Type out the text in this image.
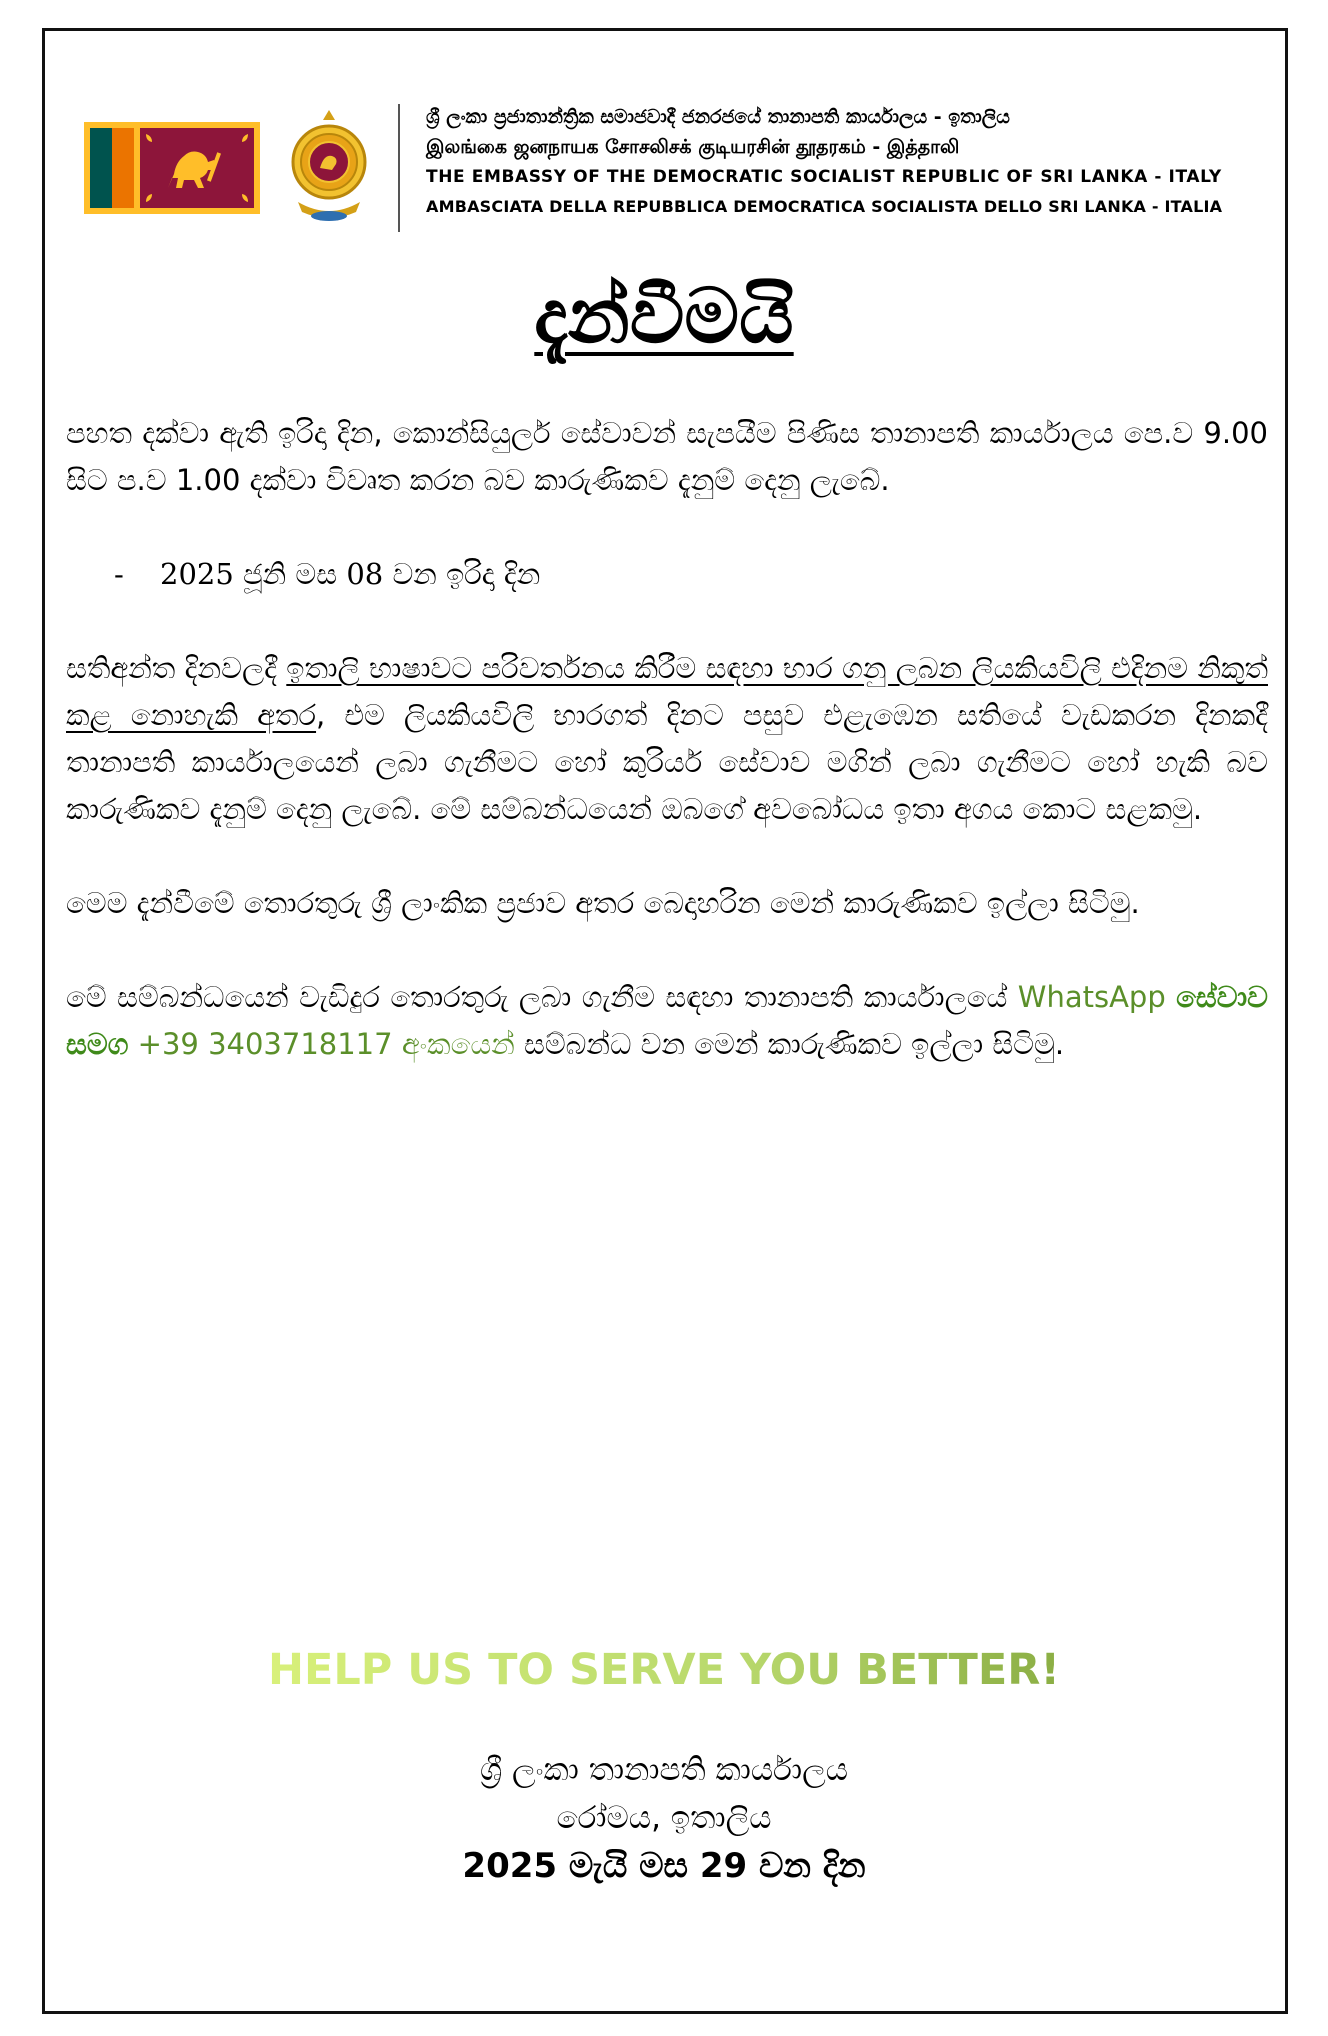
ශ්‍රී ලංකා ප්‍රජාතාන්ත්‍රික සමාජවාදී ජනරජයේ තානාපති කාර්යාලය - ඉතාලිය
இலங்கை ஜனநாயக சோசலிசக் குடியரசின் தூதரகம் - இத்தாலி
THE EMBASSY OF THE DEMOCRATIC SOCIALIST REPUBLIC OF SRI LANKA - ITALY
AMBASCIATA DELLA REPUBBLICA DEMOCRATICA SOCIALISTA DELLO SRI LANKA - ITALIA
දැන්වීමයි

පහත දක්වා ඇති ඉරිදා දින, කොන්සියුලර් සේවාවන් සැපයීම පිණිස තානාපති කාර්යාලය පෙ.ව 9.00 සිට ප.ව 1.00 දක්වා විවෘත කරන බව කාරුණිකව දැනුම් දෙනු ලැබේ.

-	2025 ජූනි මස 08 වන ඉරිදා දින

සතිඅන්ත දිනවලදී ඉතාලි භාෂාවට පරිවර්තනය කිරීම සඳහා භාර ගනු ලබන ලියකියවිලි එදිනම නිකුත් කළ නොහැකි අතර, එම ලියකියවිලි භාරගත් දිනට පසුව එළැඹෙන සතියේ වැඩකරන දිනකදී තානාපති කාර්යාලයෙන් ලබා ගැනීමට හෝ කුරියර් සේවාව මගින් ලබා ගැනීමට හෝ හැකි බව කාරුණිකව දැනුම් දෙනු ලැබේ. මේ සම්බන්ධයෙන් ඔබගේ අවබෝධය ඉතා අගය කොට සළකමු.

මෙම දැන්වීමේ තොරතුරු ශ්‍රී ලාංකික ප්‍රජාව අතර බෙදාහරින මෙන් කාරුණිකව ඉල්ලා සිටිමු.

මේ සම්බන්ධයෙන් වැඩිදුර තොරතුරු ලබා ගැනීම සඳහා තානාපති කාර්යාලයේ WhatsApp සේවාව සමග +39 3403718117 අංකයෙන් සම්බන්ධ වන මෙන් කාරුණිකව ඉල්ලා සිටිමු.

HELP US TO SERVE YOU BETTER!

ශ්‍රී ලංකා තානාපති කාර්යාලය
රෝමය, ඉතාලිය
2025 මැයි මස 29 වන දින
